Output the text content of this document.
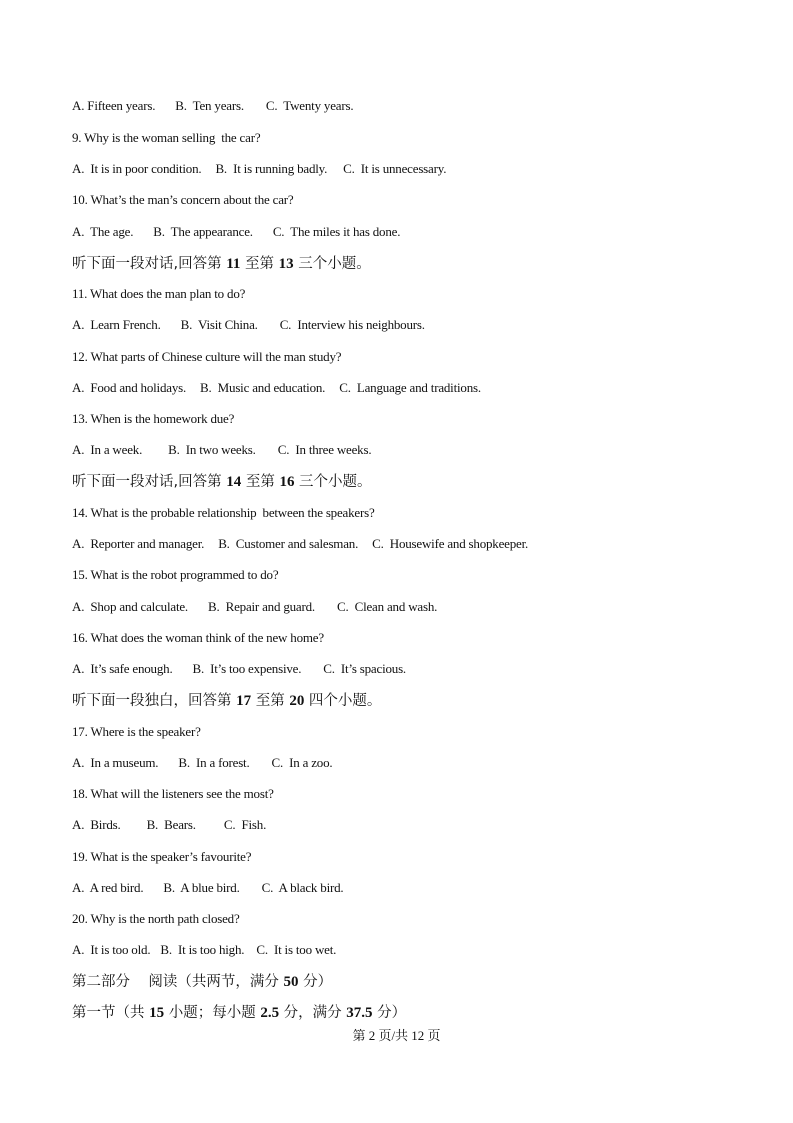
A. Fifteen years. B.  Ten years. C.  Twenty years.
9. Why is the woman selling  the car?
A.  It is in poor condition. B.  It is running badly. C.  It is unnecessary.
10. What’s the man’s concern about the car?
A.  The age. B.  The appearance. C.  The miles it has done.
听下面一段对话,回答第 11 至第 13 三个小题。
11. What does the man plan to do?
A.  Learn French. B.  Visit China. C.  Interview his neighbours.
12. What parts of Chinese culture will the man study?
A.  Food and holidays. B.  Music and education. C.  Language and traditions.
13. When is the homework due?
A.  In a week. B.  In two weeks. C.  In three weeks.
听下面一段对话,回答第 14 至第 16 三个小题。
14. What is the probable relationship  between the speakers?
A.  Reporter and manager. B.  Customer and salesman. C.  Housewife and shopkeeper.
15. What is the robot programmed to do?
A.  Shop and calculate. B.  Repair and guard. C.  Clean and wash.
16. What does the woman think of the new home?
A.  It’s safe enough. B.  It’s too expensive. C.  It’s spacious.
听下面一段独白，回答第 17 至第 20 四个小题。
17. Where is the speaker?
A.  In a museum. B.  In a forest. C.  In a zoo.
18. What will the listeners see the most?
A.  Birds. B.  Bears. C.  Fish.
19. What is the speaker’s favourite?
A.  A red bird. B.  A blue bird. C.  A black bird.
20. Why is the north path closed?
A.  It is too old. B.  It is too high. C.  It is too wet.
第二部分    阅读（共两节，满分 50 分）
第一节（共 15 小题；每小题 2.5 分，满分 37.5 分）
第 2 页/共 12 页
